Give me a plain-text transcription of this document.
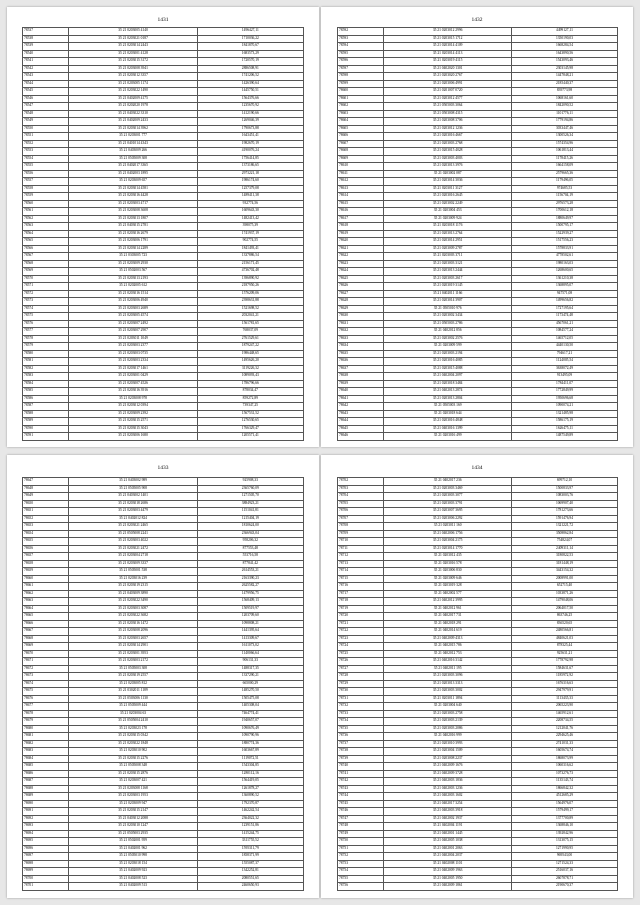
1431
78537	35 21 0203005 4140	1496427,11
78538	35 21 0203021 0187	1710036,22
78539	35 21 0203014 2443	1841870,67
78540	35 21 0203001 4128	1683573,29
78541	35 21 0203015 3172	1720570,19
78542	35 21 0203008 3941	2886508,91
78543	35 21 0203012 3357	1741206,52
78544	35 21 0203005 1174	1426390,64
78545	35 21 0203022 1490	1445750,51
78546	35 21 0402009 4175	1564376,66
78547	35 21 0202020 1978	1235670,92
78548	35 21 0403022 3310	1412190,66
78549	35 21 0402009 2433	1269046,39
78550	35 21 0203014 3962	1790673,88
78551	35 21 0203001 777	1643451,41
78552	35 21 0401014 4343	1982670,19
78553	35 21 0403009 266	4190076,24
78554	35 21 0505009 308	1756414,85
78555	35 21 0402017 3365	1373186,65
78556	35 21 0402003 1895	2973221,18
78557	35 21 0203009 657	1986174,60
78558	35 21 0203014 4581	1257379,08
78559	35 21 0203016 4428	1489411,38
78560	35 21 0203003 4717	932774,56
78561	35 21 0203008 3608	1609643,30
78562	35 21 0203013 1807	1482413,42
78563	35 21 0403015 2781	398075,39
78564	35 21 0203016 2679	1741937,19
78565	35 21 0203006 1791	902774,55
78566	35 21 0203014 2289	1841493,41
78567	35 21 0303005 723	1337886,54
78568	35 21 0203009 2930	2156171,45
78569	35 21 0502003 567	4736702,48
78570	35 21 0203013 2193	1396890,92
78571	35 21 0202005 612	2187950,26
78572	35 21 0203016 1514	1576209,06
78573	35 21 0203006 4940	2398631,88
78574	35 21 0203003 2689	1521698,52
78575	35 21 0203005 4574	2032041,21
78576	35 21 0203007 2492	1561781,65
78577	35 21 0203007 2907	768037,09
78578	35 21 0203011 1049	2761529,61
78579	35 21 0203003 2377	1879247,22
78580	35 21 0203003 0735	1986448,65
78581	35 21 0203003 2334	1495626,20
78582	35 21 0203017 1461	3119226,32
78583	35 21 0203001 0429	1089093,43
78584	35 21 0203007 4526	1786796,66
78585	35 21 0203016 3916	878034,47
78586	35 21 0203008 978	859272,89
78587	35 21 0203012 0394	739347,25
78588	35 21 0203009 2392	1567531,52
78589	35 21 0203015 2571	1276530,65
78590	35 21 0203015 3043	1766329,47
78591	35 21 0203006 1680	1205571,41
1432
78592	35 21 0203012 2996	4499127,11
78593	35 21 0203015 1712	1350190,03
78594	35 21 0203014 4109	1668284,54
78595	35 21 0203014 4113	1643890,56
78596	35 21 0203019 4115	1543093,46
78597	35 21 0402020 1301	2303145,98
78598	35 21 0203020 2767	1447848,21
78599	35 21 0203006 4991	2185440,37
78600	35 21 0201007 0720	839773,98
78601	35 21 0203012 4577	1068161,60
78602	35 21 0505003 3064	1842090,52
78603	35 21 0503008 4315	1101776,11
78604	35 21 0203008 3706	1779194,86
78605	35 21 0203012 1236	3033447,46
78606	35 21 0203016 4667	1300526,34
78607	35 21 0203003 2768	1574354,96
78608	35 21 0203015 4028	1061813,44
78609	35 21 0203003 4003	1178415,26
78610	35 21 0203013 3976	1664158,09
78611	35 21 0203002 087	2579665,36
78612	35 21 0203014 3036	1179496,05
78613	35 21 0203011 3127	974685,53
78614	35 21 0203016 2645	1156704,19
78615	35 21 0203002 2249	2976573,28
78616	35 21 0203004 453	1700612,18
78617	35 21 0203009 924	1880649,97
78618	35 21 0203018 1176	1500795,17
78619	35 21 0203013 2764	1522939,27
78620	35 21 0203014 2951	1517556,23
78621	35 21 0203009 2787	1578833,91
78622	35 21 0203003 3711	4778502,61
78623	35 21 0203003 3121	1980163,03
78624	35 21 0203013 2444	1268600,65
78625	35 21 0203003 2617	1361210,38
78626	35 21 0203019 3145	1368895,07
78627	35 21 0402011 1166	947571,08
78628	35 21 0203014 3907	1499656,82
78629	35 21 0505010 976	1727195,64
78630	35 21 0203002 3434	1173474,48
78631	35 21 0505003 2786	4567061,21
78632	35 21 0402012 856	1084577,24
78633	35 21 0203002 2576	1465712,05
78634	35 21 0203009 599	4440130,50
78635	35 21 0203003 2194	794617,21
78636	35 21 0203016 4085	1124005,54
78637	35 21 0203015 4088	3638072,49
78638	35 21 0402004 2097	913495,09
78639	35 21 0203018 3484	1784411,07
78640	35 21 0402013 2874	1772849,99
78641	35 21 0203013 2804	1950696,68
78642	35 21 0505003 169	1090074,21
78643	35 21 0203018 644	1321485,98
78644	35 21 0203016 4848	1586175,19
78645	35 21 0403016 1399	1626475,11
78646	35 21 0203016 499	1487549,89
1433
78647	35 21 0403002 989	925908,33
78648	35 21 0505005 908	2365760,09
78649	35 21 0403002 1401	1271505,70
78650	35 21 0203018 2686	3884923,21
78651	35 21 0203003 4479	1151041,81
78652	35 21 0402012 824	1215404,19
78653	35 21 0203021 2465	1810624,00
78654	35 21 0505008 2241	2366943,04
78655	35 21 0203003 4022	958206,32
78656	35 21 0203021 2472	877553,48
78657	35 21 0203004 2718	553716,58
78658	35 21 0203009 3337	877841,42
78659	35 21 0505001 538	2614553,21
78660	35 21 0203016 239	2163390,23
78661	35 21 0203019 2315	2625582,27
78662	35 21 0403009 3890	1479956,75
78663	35 21 0203022 3490	1568409,13
78664	35 21 0203003 3087	1509519,97
78665	35 21 0203022 3682	1203709,60
78666	35 21 0203016 1472	1098808,21
78667	35 21 0203008 2096	1441395,64
78668	35 21 0203003 2657	1413309,67
78669	35 21 0203014 2901	1611073,02
78670	35 21 0203001 3953	1140066,64
78671	35 21 0203003 2172	906131,33
78672	35 21 0505003 308	1488317,35
78673	35 21 0203019 2557	1337290,21
78674	35 21 0203005 812	665000,29
78675	35 21 0302011 1189	1485270,50
78676	35 21 0503006 1130	1505475,08
78677	35 21 0505009 444	1405308,04
78678	35 21 0203004 63	7464774,41
78679	35 21 0505004 2410	1940657,07
78680	35 21 0203023 178	1090676,49
78681	35 21 0203015 0342	1090790,96
78682	35 21 0203022 1848	1880774,36
78683	35 21 0203010 902	1603667,89
78684	35 21 0203015 2276	1119072,51
78685	35 21 0505008 348	1543304,85
78686	35 21 0203015 2876	1280112,16
78687	35 21 0203007 421	1564419,05
78688	35 21 0203008 1168	1261878,27
78689	35 21 0203003 1953	1360890,52
78690	35 21 0203009 947	1792370,87
78691	35 21 0203015 2147	1462242,54
78692	35 21 0403012 2088	2364022,32
78693	35 21 0203010 1247	1239151,86
78694	35 21 0505003 2935	1415244,75
78695	35 21 0502001 959	3311755,52
78696	35 21 0402001 962	1595311,79
78697	35 21 0505010 998	1858371,99
78698	35 21 0203018 154	1555087,37
78699	35 21 0402009 923	1342252,81
78700	35 21 0402008 523	2080551,65
78701	35 21 0402009 513	2460650,93
1434
78702	35 21 0402017 236	699712,10
78703	35 21 0203003 3469	1500833,97
78704	35 21 0203003 3077	1083003,76
78705	35 21 0203003 3791	1069907,40
78706	35 21 0203007 3695	1781273,66
78707	35 21 0203006 2292	1591476,94
78708	35 21 0203011 160	1321221,72
78709	35 21 0402006 1756	3508862,84
78710	35 21 0203004 2175	754824,07
78711	35 21 0203014 1770	2409311,14
78712	35 21 0203012 435	3180822,53
78713	35 21 0203016 578	3181448,19
78714	35 21 0203006 830	3443154,32
78715	35 21 0203009 646	2008991,00
78716	35 21 0203019 328	652715,40
78717	35 21 0402002 577	1033871,26
78718	35 21 0402012 3995	1479048,06
78719	35 21 0402012 961	2064017,50
78720	35 21 0402017 731	863746,25
78721	35 21 0402018 291	836520,65
78722	35 21 0402014 619	2480566,81
78723	35 21 0402009 4313	4840621,03
78724	35 21 0402015 786	878325,44
78725	35 21 0402012 753	925631,21
78726	35 21 0402016 3142	1778792,98
78727	35 21 0402011 195	1584631,67
78728	35 21 0203003 3096	1185972,92
78729	35 21 0203013 3313	1676316,63
78730	35 21 0203003 3002	2947979,91
78731	35 21 0203011 1894	1113435,33
78732	35 21 0203004 640	2065223,90
78733	35 21 0203003 2758	1465912,61
78734	35 21 0203003 2139	2208734,55
78735	35 21 0203003 2086	1212041,76
78736	35 21 0402016 999	2294625,46
78737	35 21 0203010 3993	2741031,33
78738	35 21 0203004 1509	1605674,74
78739	35 21 0203008 2237	1868073,99
78740	35 21 0402009 1676	1060316,62
78741	35 21 0402009 3728	1073276,73
78742	35 21 0402003 1836	1135143,74
78743	35 21 0402003 1236	1866842,32
78744	35 21 0402003 1602	4512685,29
78745	35 21 0402017 3254	1564976,07
78746	35 21 0402003 3918	1579499,17
78747	35 21 0402002 1937	1377700,89
78748	35 21 0402004 1191	1368846,10
78749	35 21 0402001 1445	1392842,96
78750	35 21 0402005 1038	1313075,15
78751	35 21 0402001 2063	1271990,95
78752	35 21 0402004 2037	969543,00
78753	35 21 0402008 1101	1271524,33
78754	35 21 0402009 1963	2516037,16
78755	35 21 0402005 1950	2607878,71
78756	35 21 0402009 1861	2190670,37
